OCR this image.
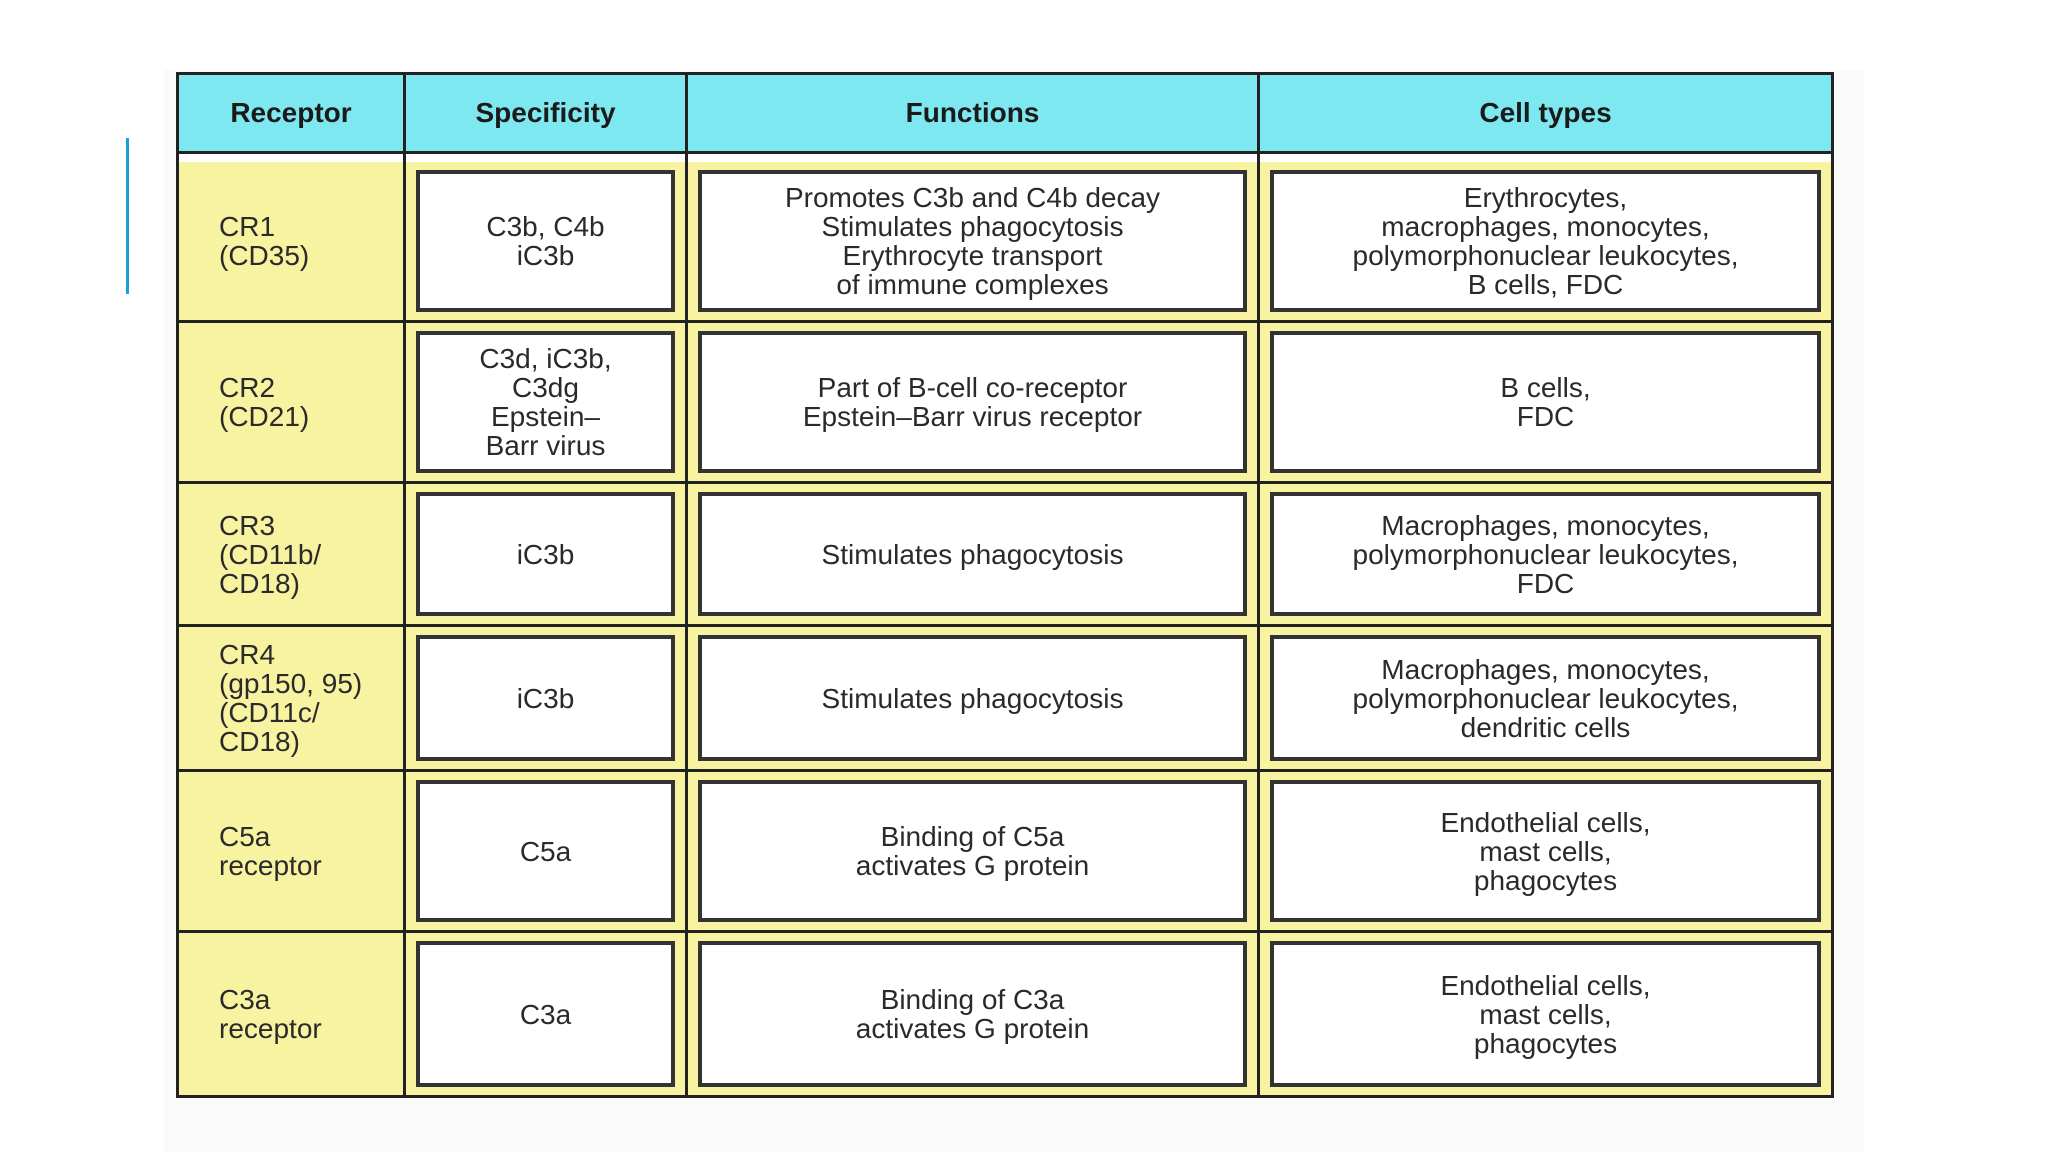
Receptor	Specificity	Functions	Cell types

CR1
(CD35)	C3b, C4b
iC3b	Promotes C3b and C4b decay
Stimulates phagocytosis
Erythrocyte transport
of immune complexes	Erythrocytes,
macrophages, monocytes,
polymorphonuclear leukocytes,
B cells, FDC

CR2
(CD21)	C3d, iC3b,
C3dg
Epstein–
Barr virus	Part of B-cell co-receptor
Epstein–Barr virus receptor	B cells,
FDC

CR3
(CD11b/
CD18)	iC3b	Stimulates phagocytosis	Macrophages, monocytes,
polymorphonuclear leukocytes,
FDC

CR4
(gp150, 95)
(CD11c/
CD18)	iC3b	Stimulates phagocytosis	Macrophages, monocytes,
polymorphonuclear leukocytes,
dendritic cells

C5a
receptor	C5a	Binding of C5a
activates G protein	Endothelial cells,
mast cells,
phagocytes

C3a
receptor	C3a	Binding of C3a
activates G protein	Endothelial cells,
mast cells,
phagocytes
